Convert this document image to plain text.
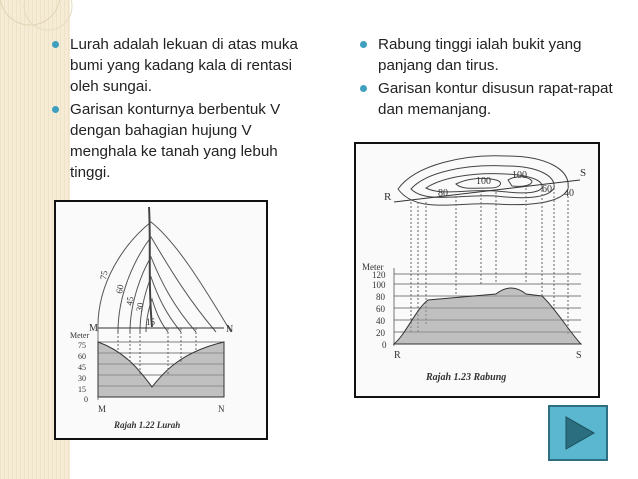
Lurah adalah lekuan di atas muka bumi yang kadang kala di rentasi oleh sungai.
Garisan konturnya berbentuk V dengan bahagian hujung V menghala ke tanah yang lebuh tinggi.
Rabung tinggi ialah bukit yang panjang dan tirus.
Garisan kontur disusun rapat-rapat dan memanjang.
75
60
45
30
15
M	N
Meter
75
60
45
30
15
0
M	N
Rajah 1.22 Lurah
80
100
100
60 40
R
S
Meter
120
100
80
60
40
20
0
R	S
Rajah 1.23 Rabung
